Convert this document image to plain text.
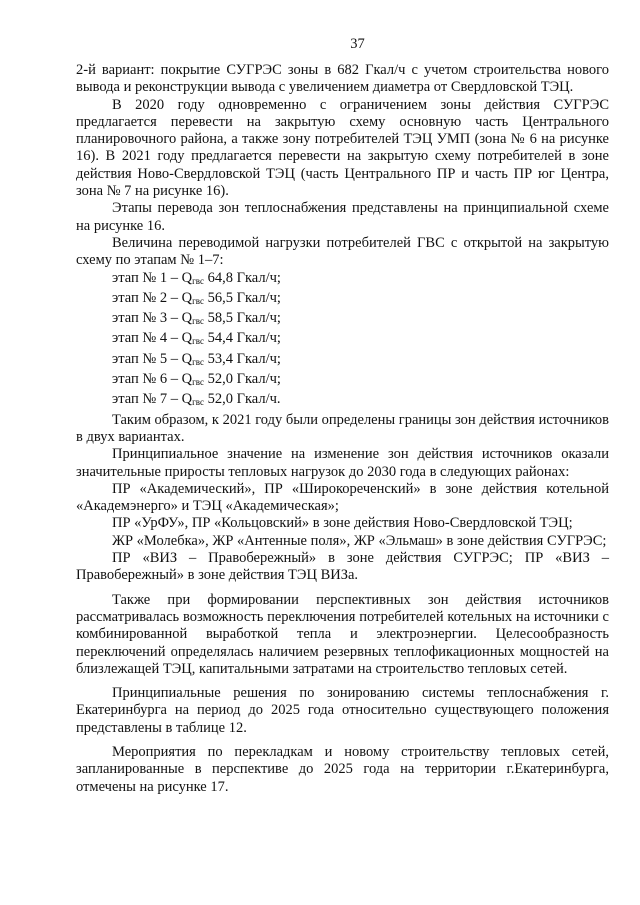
37

2-й вариант: покрытие СУГРЭС зоны в 682 Гкал/ч с учетом строительства нового вывода и реконструкции вывода с увеличением диаметра от Свердловской ТЭЦ.

В 2020 году одновременно с ограничением зоны действия СУГРЭС предлагается перевести на закрытую схему основную часть Центрального планировочного района, а также зону потребителей ТЭЦ УМП (зона № 6 на рисунке 16). В 2021 году предлагается перевести на закрытую схему потребителей в зоне действия Ново-Свердловской ТЭЦ (часть Центрального ПР и часть ПР юг Центра, зона № 7 на рисунке 16).

Этапы перевода зон теплоснабжения представлены на принципиальной схеме на рисунке 16.

Величина переводимой нагрузки потребителей ГВС с открытой на закрытую схему по этапам № 1–7:

этап № $1 - Q_{гвс}$ 64,8 Гкал/ч;
этап № $2 - Q_{гвс}$ 56,5 Гкал/ч;
этап № $3 - Q_{гвс}$ 58,5 Гкал/ч;
этап № $4 - Q_{гвс}$ 54,4 Гкал/ч;
этап № $5 - Q_{гвс}$ 53,4 Гкал/ч;
этап № $6 - Q_{гвс}$ 52,0 Гкал/ч;
этап № $7 - Q_{гвс}$ 52,0 Гкал/ч.

Таким образом, к 2021 году были определены границы зон действия источников в двух вариантах.

Принципиальное значение на изменение зон действия источников оказали значительные приросты тепловых нагрузок до 2030 года в следующих районах:

ПР «Академический», ПР «Широкореченский» в зоне действия котельной «Академэнерго» и ТЭЦ «Академическая»;

ПР «УрФУ», ПР «Кольцовский» в зоне действия Ново-Свердловской ТЭЦ;

ЖР «Молебка», ЖР «Антенные поля», ЖР «Эльмаш» в зоне действия СУГРЭС;

ПР «ВИЗ – Правобережный» в зоне действия СУГРЭС; ПР «ВИЗ – Правобережный» в зоне действия ТЭЦ ВИЗа.

Также при формировании перспективных зон действия источников рассматривалась возможность переключения потребителей котельных на источники с комбинированной выработкой тепла и электроэнергии. Целесообразность переключений определялась наличием резервных теплофикационных мощностей на близлежащей ТЭЦ, капитальными затратами на строительство тепловых сетей.

Принципиальные решения по зонированию системы теплоснабжения г. Екатеринбурга на период до 2025 года относительно существующего положения представлены в таблице 12.

Мероприятия по перекладкам и новому строительству тепловых сетей, запланированные в перспективе до 2025 года на территории г.Екатеринбурга, отмечены на рисунке 17.
